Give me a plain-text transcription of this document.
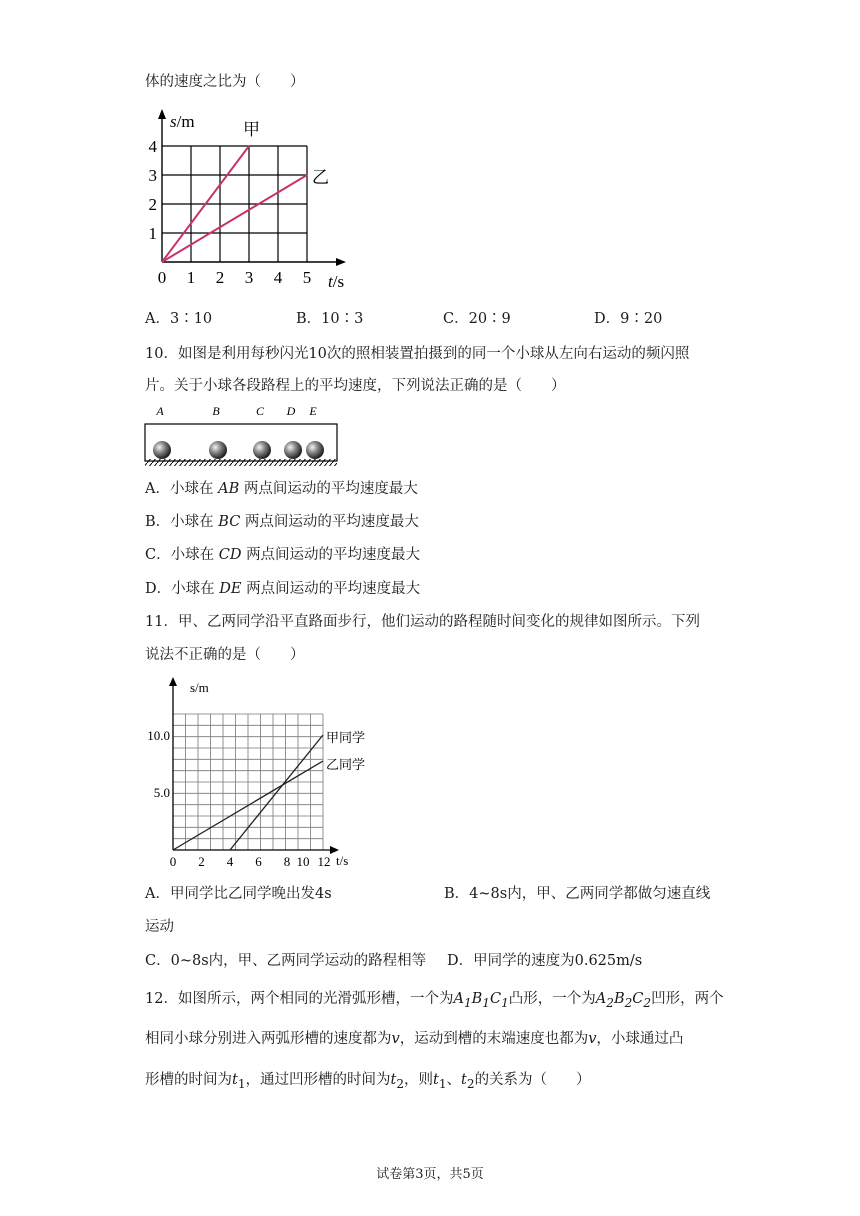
体的速度之比为（　　）
s/m
t/s
0 1 2 3 4 5
1
2
3
4
甲
乙
A．3∶10	B．10∶3	C．20∶9	D．9∶20
10．如图是利用每秒闪光10次的照相装置拍摄到的同一个小球从左向右运动的频闪照
片。关于小球各段路程上的平均速度，下列说法正确的是（　　）
A	B	C D E
A．小球在 AB 两点间运动的平均速度最大
B．小球在 BC 两点间运动的平均速度最大
C．小球在 CD 两点间运动的平均速度最大
D．小球在 DE 两点间运动的平均速度最大
11．甲、乙两同学沿平直路面步行，他们运动的路程随时间变化的规律如图所示。下列
说法不正确的是（　　）
s/m
t/s
甲同学
乙同学
0 2 4 6 8 10 12
5.0
10.0
A．甲同学比乙同学晚出发4s	B．4~8s内，甲、乙两同学都做匀速直线
运动
C．0~8s内，甲、乙两同学运动的路程相等 D．甲同学的速度为0.625m/s
12．如图所示，两个相同的光滑弧形槽，一个为$A_1B_1C_1$凸形，一个为$A_2B_2C_2$凹形，两个
相同小球分别进入两弧形槽的速度都为v，运动到槽的末端速度也都为v，小球通过凸
形槽的时间为$t_1$，通过凹形槽的时间为$t_2$，则$t_1$、$t_2$的关系为（　　）
试卷第3页，共5页
